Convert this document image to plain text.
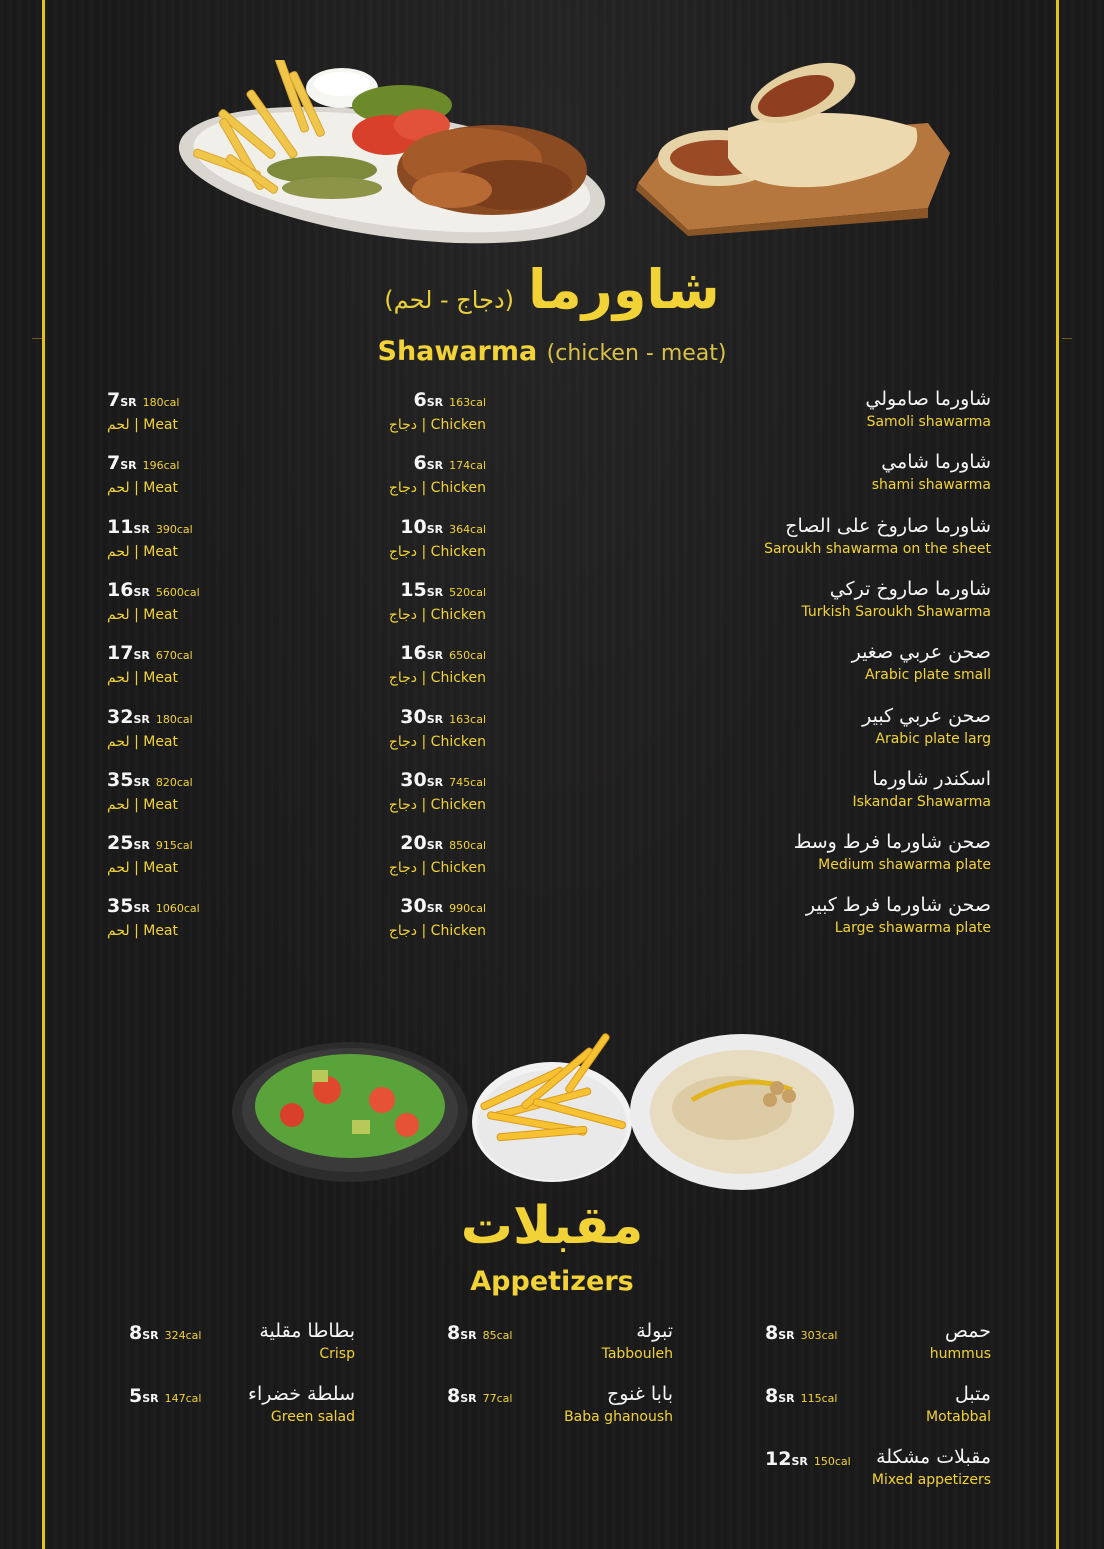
(دجاج - لحم) شاورما
Shawarma (chicken - meat)
شاورما صامولي
Samoli shawarma
6SR 163cal
دجاج | Chicken
7SR 180cal
لحم | Meat
شاورما شامي
shami shawarma
6SR 174cal
دجاج | Chicken
7SR 196cal
لحم | Meat
شاورما صاروخ على الصاج
Saroukh shawarma on the sheet
10SR 364cal
دجاج | Chicken
11SR 390cal
لحم | Meat
شاورما صاروخ تركي
Turkish Saroukh Shawarma
15SR 520cal
دجاج | Chicken
16SR 5600cal
لحم | Meat
صحن عربي صغير
Arabic plate small
16SR 650cal
دجاج | Chicken
17SR 670cal
لحم | Meat
صحن عربي كبير
Arabic plate larg
30SR 163cal
دجاج | Chicken
32SR 180cal
لحم | Meat
اسكندر شاورما
Iskandar Shawarma
30SR 745cal
دجاج | Chicken
35SR 820cal
لحم | Meat
صحن شاورما فرط وسط
Medium shawarma plate
20SR 850cal
دجاج | Chicken
25SR 915cal
لحم | Meat
صحن شاورما فرط كبير
Large shawarma plate
30SR 990cal
دجاج | Chicken
35SR 1060cal
لحم | Meat
مقبلات
Appetizers
حمص
hummus
8SR 303cal
تبولة
Tabbouleh
8SR 85cal
بطاطا مقلية
Crisp
8SR 324cal
متبل
Motabbal
8SR 115cal
بابا غنوج
Baba ghanoush
8SR 77cal
سلطة خضراء
Green salad
5SR 147cal
مقبلات مشكلة
Mixed appetizers
12SR 150cal
